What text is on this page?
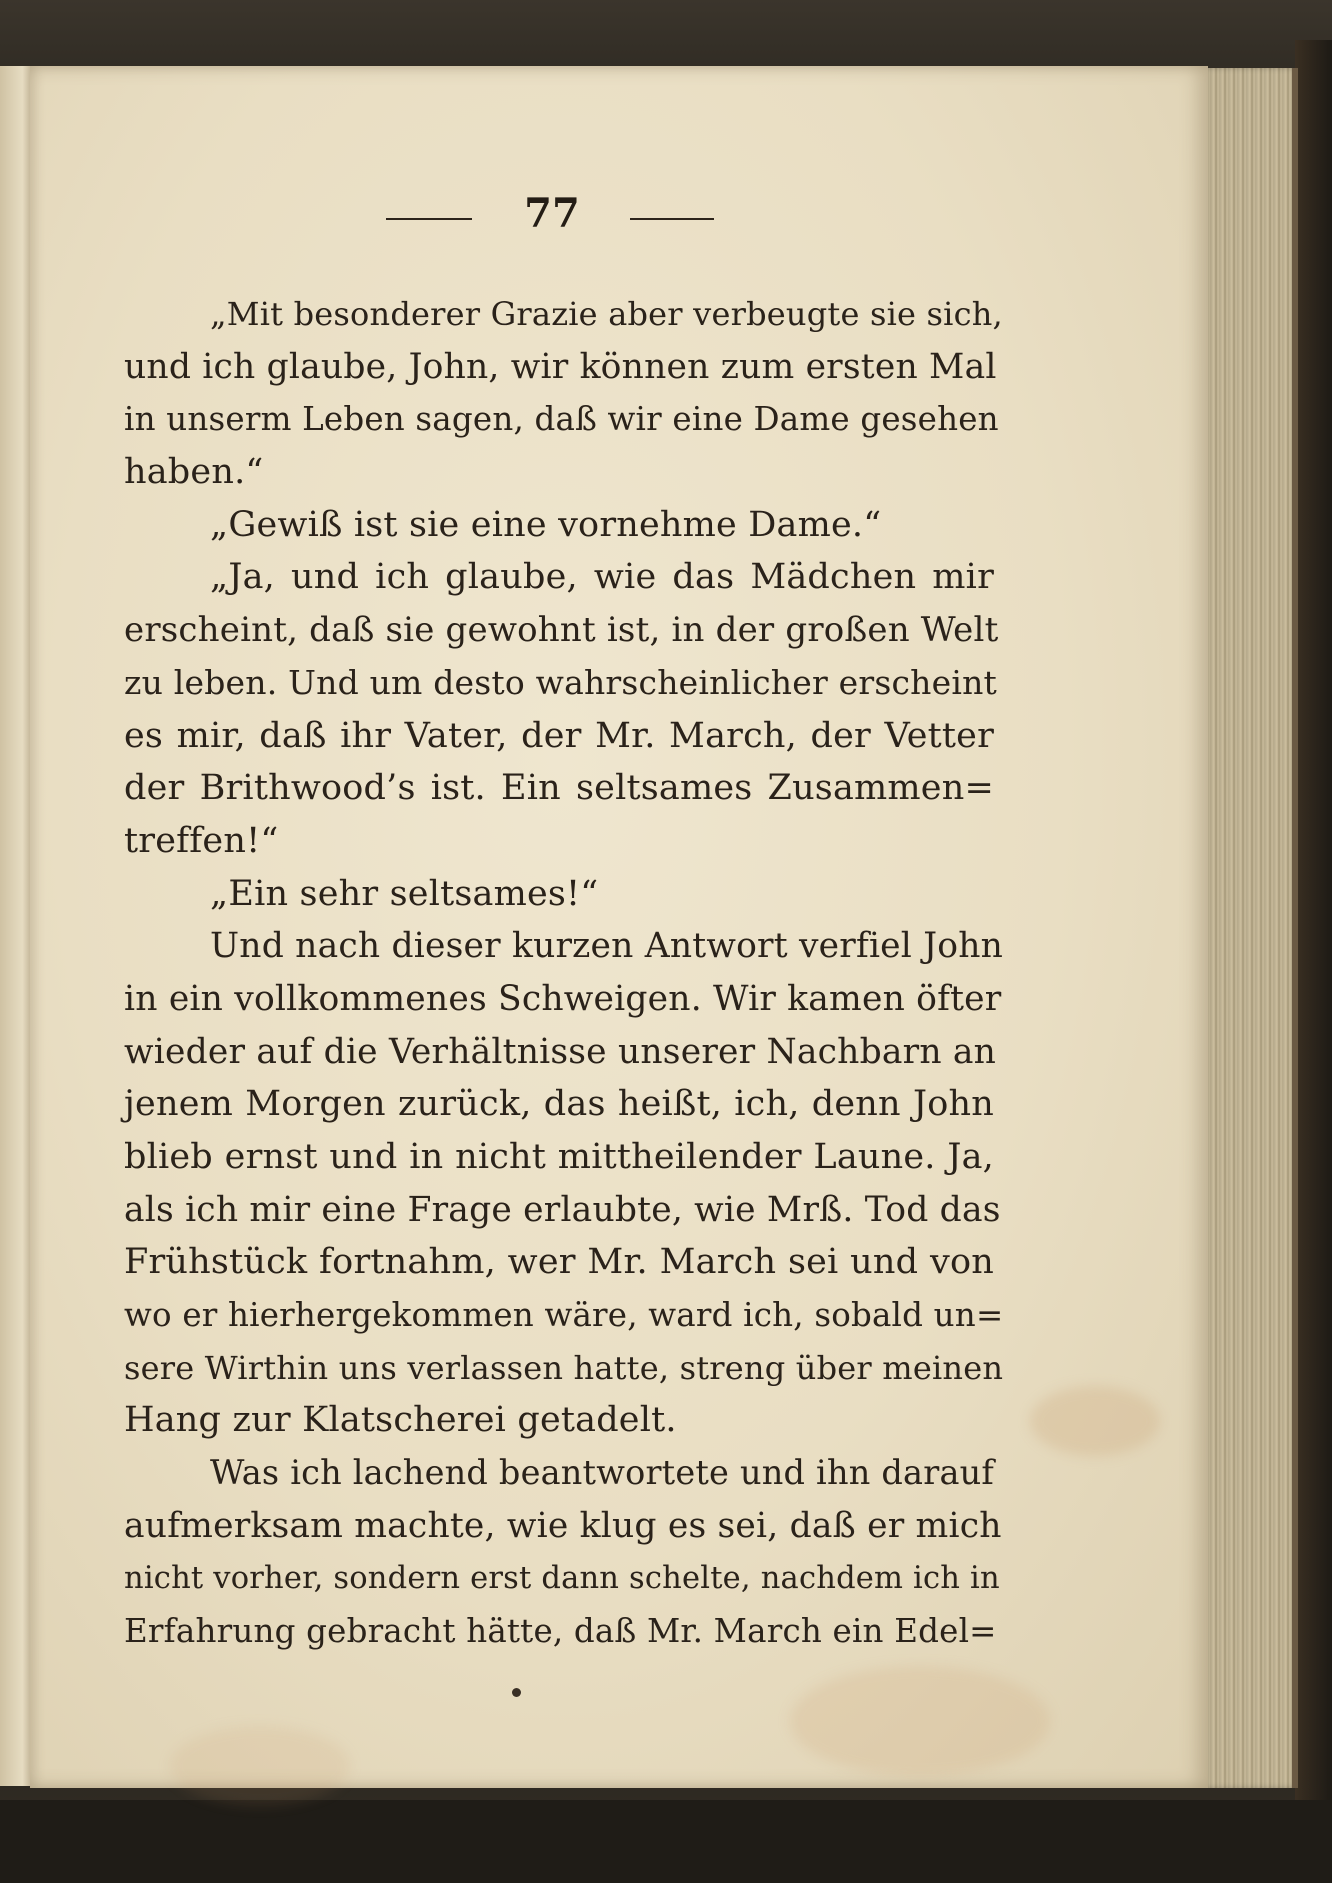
77
„Mit besonderer Grazie aber verbeugte sie sich,
und ich glaube, John, wir können zum ersten Mal
in unserm Leben sagen, daß wir eine Dame gesehen
haben.“
„Gewiß ist sie eine vornehme Dame.“
„Ja, und ich glaube, wie das Mädchen mir
erscheint, daß sie gewohnt ist, in der großen Welt
zu leben. Und um desto wahrscheinlicher erscheint
es mir, daß ihr Vater, der Mr. March, der Vetter
der Brithwood’s ist. Ein seltsames Zusammen=
treffen!“
„Ein sehr seltsames!“
Und nach dieser kurzen Antwort verfiel John
in ein vollkommenes Schweigen. Wir kamen öfter
wieder auf die Verhältnisse unserer Nachbarn an
jenem Morgen zurück, das heißt, ich, denn John
blieb ernst und in nicht mittheilender Laune. Ja,
als ich mir eine Frage erlaubte, wie Mrß. Tod das
Frühstück fortnahm, wer Mr. March sei und von
wo er hierhergekommen wäre, ward ich, sobald un=
sere Wirthin uns verlassen hatte, streng über meinen
Hang zur Klatscherei getadelt.
Was ich lachend beantwortete und ihn darauf
aufmerksam machte, wie klug es sei, daß er mich
nicht vorher, sondern erst dann schelte, nachdem ich in
Erfahrung gebracht hätte, daß Mr. March ein Edel=
